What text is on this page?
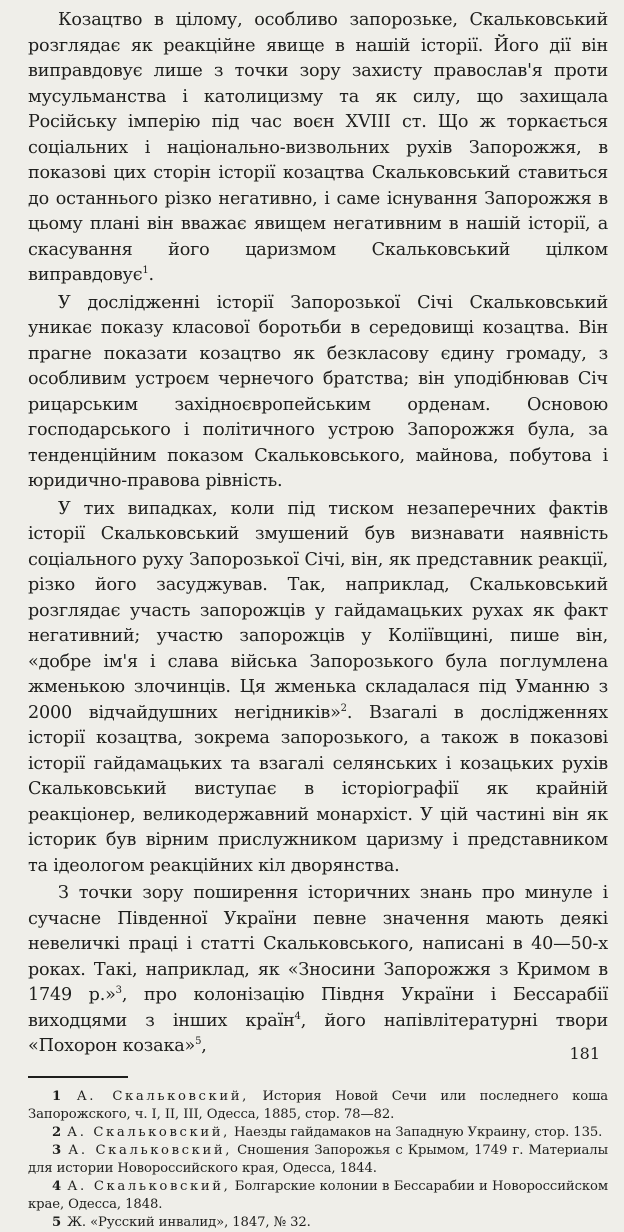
Козацтво в цілому, особливо запорозьке, Скальковський розглядає як реакційне явище в нашій історії. Його дії він виправдовує лише з точки зору захисту православ'я проти мусульманства і католицизму та як силу, що захищала Російську імперію під час воєн XVIII ст. Що ж торкається соціальних і національно-визвольних рухів Запорожжя, в показові цих сторін історії козацтва Скальковський ставиться до останнього різко негативно, і саме існування Запорожжя в цьому плані він вважає явищем негативним в нашій історії, а скасування його царизмом Скальковський цілком виправдовує$^1$.

У дослідженні історії Запорозької Січі Скальковський уникає показу класової боротьби в середовищі козацтва. Він прагне показати козацтво як безкласову єдину громаду, з особливим устроєм чернечого братства; він уподібнював Січ рицарським західноєвропейським орденам. Основою господарського і політичного устрою Запорожжя була, за тенденційним показом Скальковського, майнова, побутова і юридично-правова рівність.

У тих випадках, коли під тиском незаперечних фактів історії Скальковський змушений був визнавати наявність соціального руху Запорозької Січі, він, як представник реакції, різко його засуджував. Так, наприклад, Скальковський розглядає участь запорожців у гайдамацьких рухах як факт негативний; участю запорожців у Коліївщині, пише він, «добре ім'я і слава війська Запорозького була поглумлена жменькою злочинців. Ця жменька складалася під Уманню з 2000 відчайдушних негідників»$^2$. Взагалі в дослідженнях історії козацтва, зокрема запорозького, а також в показові історії гайдамацьких та взагалі селянських і козацьких рухів Скальковський виступає в історіографії як крайній реакціонер, великодержавний монархіст. У цій частині він як історик був вірним прислужником царизму і представником та ідеологом реакційних кіл дворянства.

З точки зору поширення історичних знань про минуле і сучасне Південної України певне значення мають деякі невеличкі праці і статті Скальковського, написані в 40—50-х роках. Такі, наприклад, як «Зносини Запорожжя з Кримом в 1749 р.»$^3$, про колонізацію Півдня України і Бессарабії виходцями з інших країн$^4$, його напівлітературні твори «Похорон козака»$^5$,

1 А. Скальковский, История Новой Сечи или последнего коша Запорожского, ч. I, II, III, Одесса, 1885, стор. 78—82.

2 А. Скальковский, Наезды гайдамаков на Западную Украину, стор. 135.

3 А. Скальковский, Сношения Запорожья с Крымом, 1749 г. Материалы для истории Новороссийского края, Одесса, 1844.

4 А. Скальковский, Болгарские колонии в Бессарабии и Новороссийском крае, Одесса, 1848.

5 Ж. «Русский инвалид», 1847, № 32.

181
